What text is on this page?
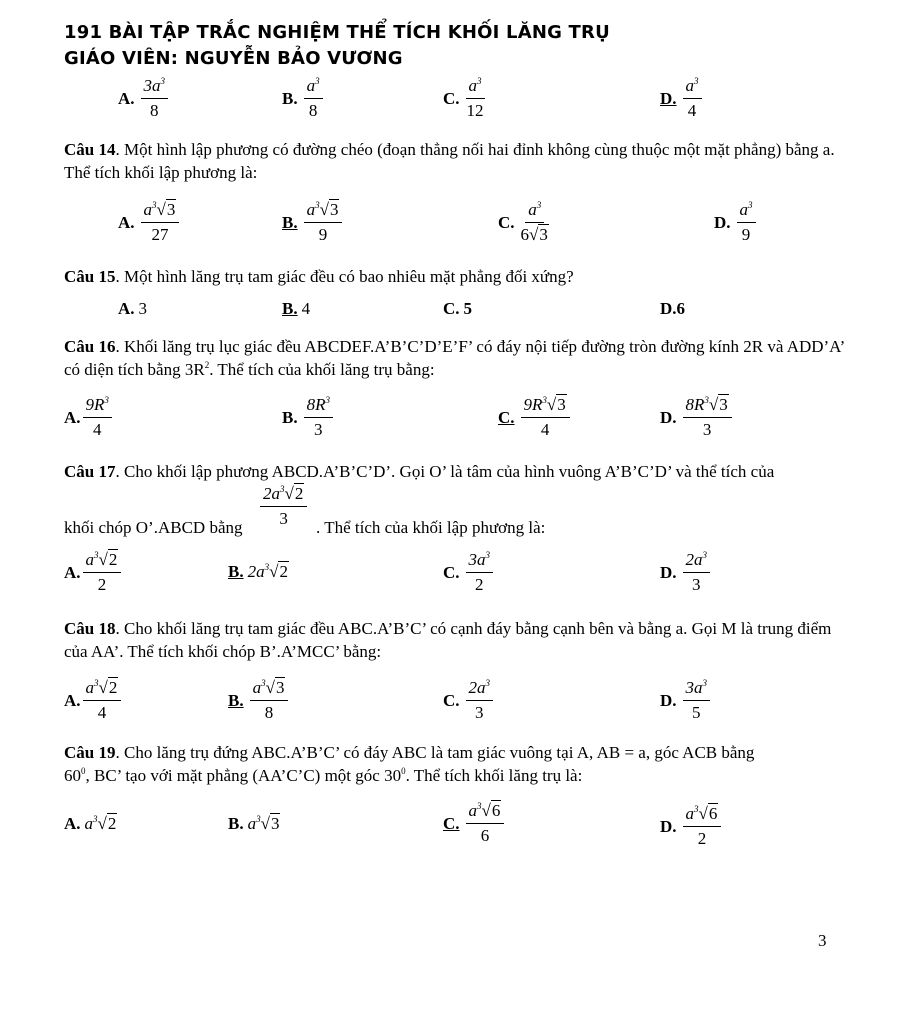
191 BÀI TẬP TRẮC NGHIỆM THỂ TÍCH KHỐI LĂNG TRỤ
GIÁO VIÊN: NGUYỄN BẢO VƯƠNG
A. $\frac{3a^3}{8}$	B. $\frac{a^3}{8}$	C. $\frac{a^3}{12}$	D. $\frac{a^3}{4}$
Câu 14. Một hình lập phương có đường chéo (đoạn thẳng nối hai đỉnh không cùng thuộc một mặt phẳng) bằng a. Thể tích khối lập phương là:
A. $\frac{a^3√3}{27}$	B. $\frac{a^3√3}{9}$	C. $\frac{a^3}{6√3}$	D. $\frac{a^3}{9}$
Câu 15. Một hình lăng trụ tam giác đều có bao nhiêu mặt phẳng đối xứng?
A. 3	B. 4	C. 5	D. 6
Câu 16. Khối lăng trụ lục giác đều ABCDEF.A’B’C’D’E’F’ có đáy nội tiếp đường tròn đường kính 2R và ADD’A’ có diện tích bằng $3R^2$. Thể tích của khối lăng trụ bằng:
A. $\frac{9R^3}{4}$	B. $\frac{8R^3}{3}$	C. $\frac{9R^3√3}{4}$	D. $\frac{8R^3√3}{3}$
Câu 17. Cho khối lập phương ABCD.A’B’C’D’. Gọi O’ là tâm của hình vuông A’B’C’D’ và thể tích của
khối chóp O’.ABCD bằng $\frac{2a^3√2}{3}$ . Thể tích của khối lập phương là:
A. $\frac{a^3√2}{2}$	B. $2a^3√2$	C. $\frac{3a^3}{2}$	D. $\frac{2a^3}{3}$
Câu 18. Cho khối lăng trụ tam giác đều ABC.A’B’C’ có cạnh đáy bằng cạnh bên và bằng a. Gọi M là trung điểm của AA’. Thể tích khối chóp B’.A’MCC’ bằng:
A. $\frac{a^3√2}{4}$	B. $\frac{a^3√3}{8}$	C. $\frac{2a^3}{3}$	D. $\frac{3a^3}{5}$
Câu 19. Cho lăng trụ đứng ABC.A’B’C’ có đáy ABC là tam giác vuông tại A, AB = a, góc ACB bằng
$60^0$, BC’ tạo với mặt phẳng (AA’C’C) một góc $30^0$. Thể tích khối lăng trụ là:
A. $a^3√2$	B. $a^3√3$	C. $\frac{a^3√6}{6}$	D. $\frac{a^3√6}{2}$
3
